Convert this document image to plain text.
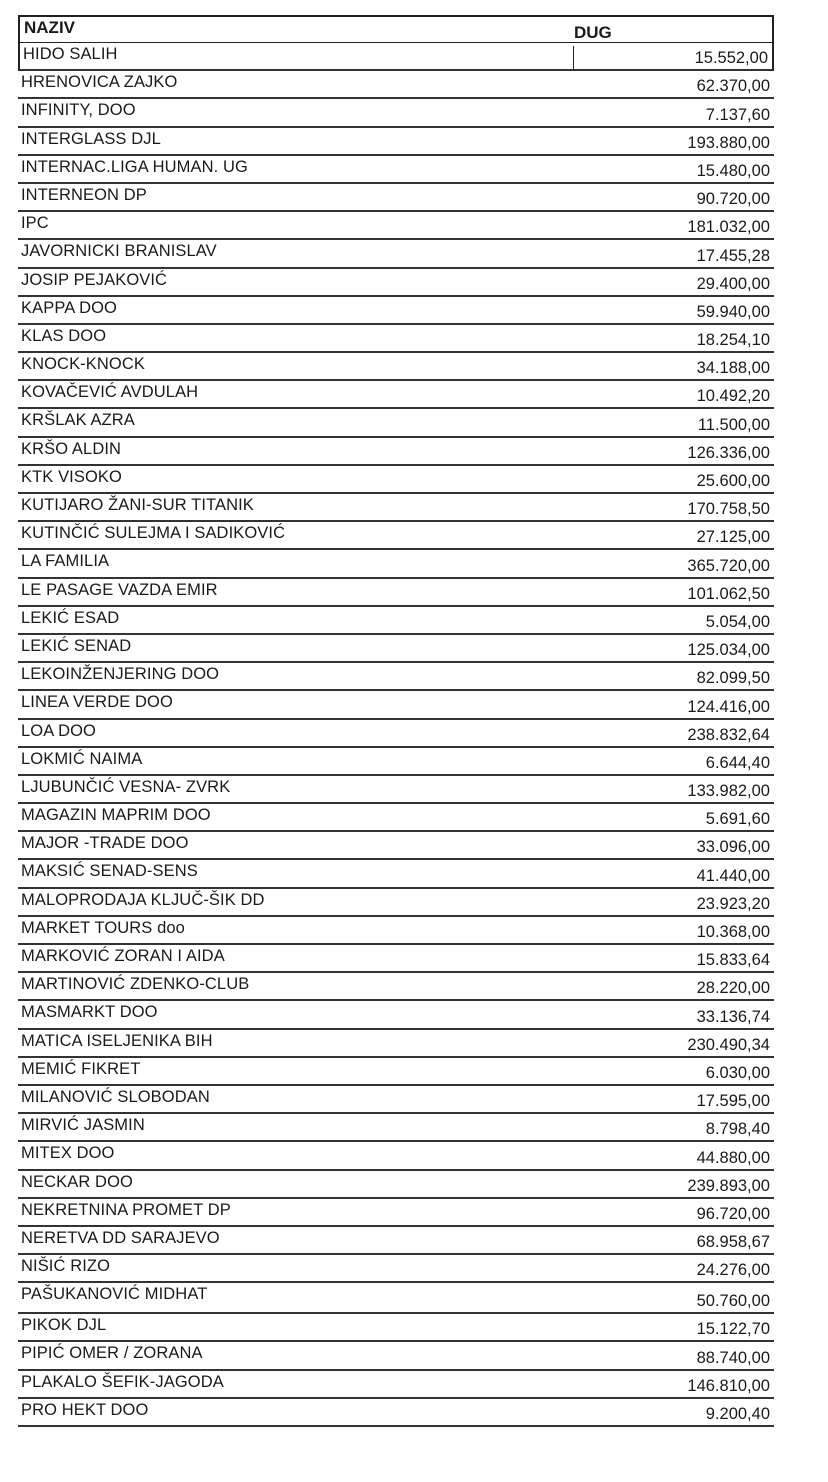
NAZIV	DUG
HIDO SALIH	15.552,00
HRENOVICA ZAJKO	62.370,00
INFINITY, DOO	7.137,60
INTERGLASS DJL	193.880,00
INTERNAC.LIGA HUMAN. UG	15.480,00
INTERNEON DP	90.720,00
IPC	181.032,00
JAVORNICKI BRANISLAV	17.455,28
JOSIP PEJAKOVIĆ	29.400,00
KAPPA DOO	59.940,00
KLAS DOO	18.254,10
KNOCK-KNOCK	34.188,00
KOVAČEVIĆ AVDULAH	10.492,20
KRŠLAK AZRA	11.500,00
KRŠO ALDIN	126.336,00
KTK VISOKO	25.600,00
KUTIJARO ŽANI-SUR TITANIK	170.758,50
KUTINČIĆ SULEJMA I SADIKOVIĆ	27.125,00
LA FAMILIA	365.720,00
LE PASAGE VAZDA EMIR	101.062,50
LEKIĆ ESAD	5.054,00
LEKIĆ SENAD	125.034,00
LEKOINŽENJERING DOO	82.099,50
LINEA VERDE DOO	124.416,00
LOA DOO	238.832,64
LOKMIĆ NAIMA	6.644,40
LJUBUNČIĆ VESNA- ZVRK	133.982,00
MAGAZIN MAPRIM DOO	5.691,60
MAJOR -TRADE DOO	33.096,00
MAKSIĆ SENAD-SENS	41.440,00
MALOPRODAJA KLJUČ-ŠIK DD	23.923,20
MARKET TOURS doo	10.368,00
MARKOVIĆ ZORAN I AIDA	15.833,64
MARTINOVIĆ ZDENKO-CLUB	28.220,00
MASMARKT DOO	33.136,74
MATICA ISELJENIKA BIH	230.490,34
MEMIĆ FIKRET	6.030,00
MILANOVIĆ SLOBODAN	17.595,00
MIRVIĆ JASMIN	8.798,40
MITEX DOO	44.880,00
NECKAR DOO	239.893,00
NEKRETNINA PROMET DP	96.720,00
NERETVA DD SARAJEVO	68.958,67
NIŠIĆ RIZO	24.276,00
PAŠUKANOVIĆ MIDHAT	50.760,00
PIKOK DJL	15.122,70
PIPIĆ OMER / ZORANA	88.740,00
PLAKALO ŠEFIK-JAGODA	146.810,00
PRO HEKT DOO	9.200,40
